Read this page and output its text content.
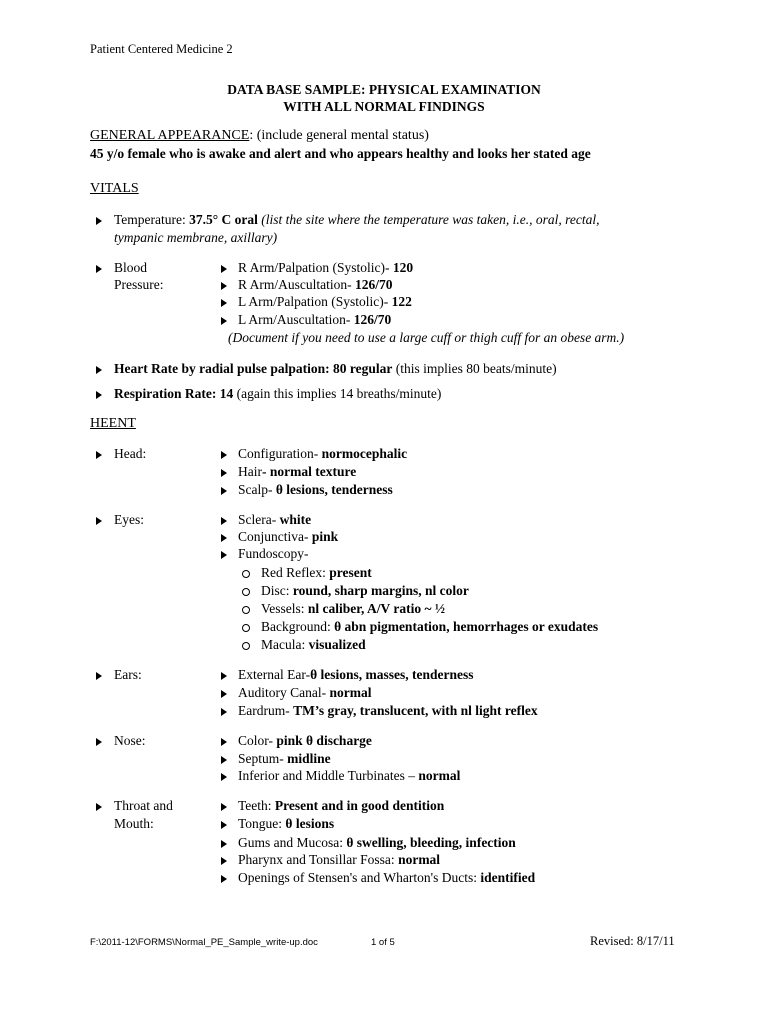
Patient Centered Medicine 2
DATA BASE SAMPLE: PHYSICAL EXAMINATION
WITH ALL NORMAL FINDINGS
GENERAL APPEARANCE: (include general mental status)
45 y/o female who is awake and alert and who appears healthy and looks her stated age
VITALS
Temperature: 37.5° C oral (list the site where the temperature was taken, i.e., oral, rectal,
tympanic membrane, axillary)
Blood
Pressure:
R Arm/Palpation (Systolic)- 120
R Arm/Auscultation- 126/70
L Arm/Palpation (Systolic)- 122
L Arm/Auscultation- 126/70
(Document if you need to use a large cuff or thigh cuff for an obese arm.)
Heart Rate by radial pulse palpation: 80 regular (this implies 80 beats/minute)
Respiration Rate: 14 (again this implies 14 breaths/minute)
HEENT
Head:	Configuration- normocephalic
Hair- normal texture
Scalp- θ lesions, tenderness
Eyes:	Sclera- white
Conjunctiva- pink
Fundoscopy-
Red Reflex: present
Disc: round, sharp margins, nl color
Vessels: nl caliber, A/V ratio ~ ½
Background: θ abn pigmentation, hemorrhages or exudates
Macula: visualized
Ears:	External Ear-θ lesions, masses, tenderness
Auditory Canal- normal
Eardrum- TM’s gray, translucent, with nl light reflex
Nose:	Color- pink θ discharge
Septum- midline
Inferior and Middle Turbinates – normal
Throat and
Mouth:
Teeth: Present and in good dentition
Tongue: θ lesions
Gums and Mucosa: θ swelling, bleeding, infection
Pharynx and Tonsillar Fossa: normal
Openings of Stensen's and Wharton's Ducts: identified
F:\2011-12\FORMS\Normal_PE_Sample_write-up.doc	1 of 5	Revised: 8/17/11
